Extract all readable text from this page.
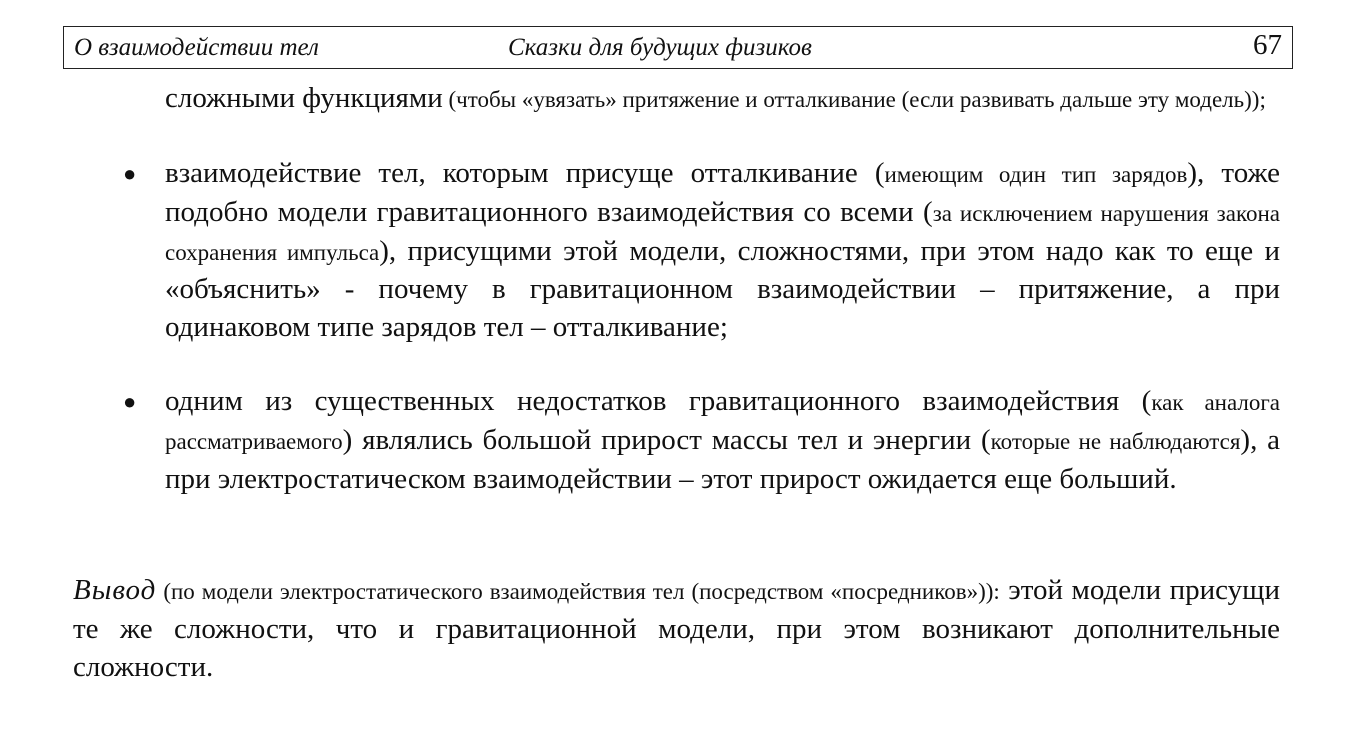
О взаимодействии тел	Сказки для будущих физиков	67
сложными функциями (чтобы «увязать» притяжение и отталкивание (если развивать дальше эту модель));
● взаимодействие тел, которым присуще отталкивание (имеющим один тип зарядов), тоже подобно модели гравитационного взаимодействия со всеми (за исключением нарушения закона сохранения импульса), присущими этой модели, сложностями, при этом надо как то еще и «объяснить» - почему в гравитационном взаимодействии – притяжение, а при одинаковом типе зарядов тел – отталкивание;
● одним из существенных недостатков гравитационного взаимодействия (как аналога рассматриваемого) являлись большой прирост массы тел и энергии (которые не наблюдаются), а при электростатическом взаимодействии – этот прирост ожидается еще больший.
Вывод (по модели электростатического взаимодействия тел (посредством «посредников»)): этой модели присущи те же сложности, что и гравитационной модели, при этом возникают дополнительные сложности.
